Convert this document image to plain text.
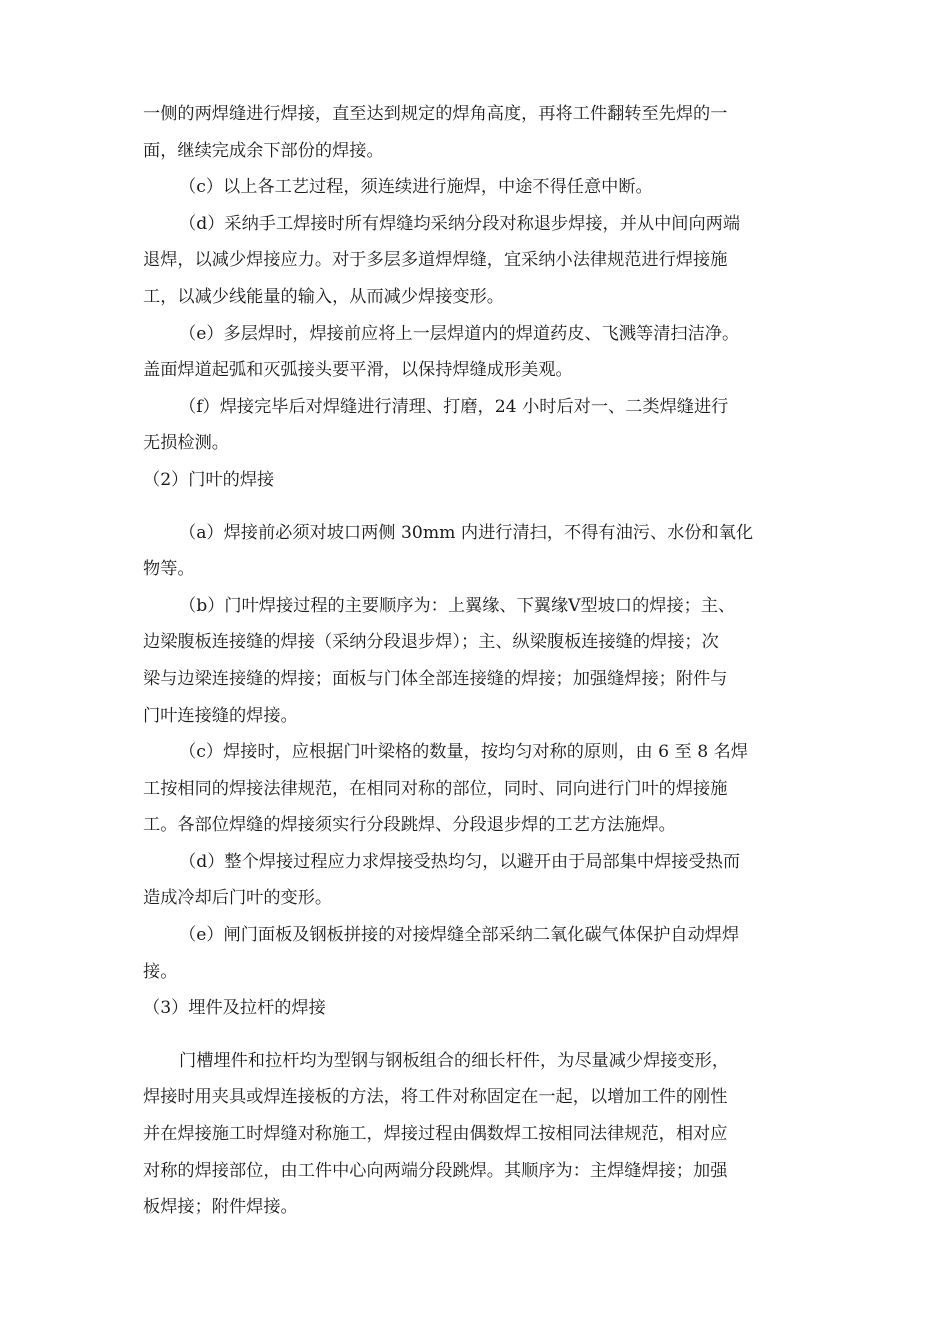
一侧的两焊缝进行焊接，直至达到规定的焊角高度，再将工件翻转至先焊的一
面，继续完成余下部份的焊接。
（c）以上各工艺过程，须连续进行施焊，中途不得任意中断。
（d）采纳手工焊接时所有焊缝均采纳分段对称退步焊接，并从中间向两端
退焊，以减少焊接应力。对于多层多道焊焊缝，宜采纳小法律规范进行焊接施
工，以减少线能量的输入，从而减少焊接变形。
（e）多层焊时，焊接前应将上一层焊道内的焊道药皮、飞溅等清扫洁净。
盖面焊道起弧和灭弧接头要平滑，以保持焊缝成形美观。
（f）焊接完毕后对焊缝进行清理、打磨，24 小时后对一、二类焊缝进行
无损检测。
（2）门叶的焊接
（a）焊接前必须对坡口两侧 30mm 内进行清扫，不得有油污、水份和氧化
物等。
（b）门叶焊接过程的主要顺序为：上翼缘、下翼缘Ⅴ型坡口的焊接；主、
边梁腹板连接缝的焊接（采纳分段退步焊）；主、纵梁腹板连接缝的焊接；次
梁与边梁连接缝的焊接；面板与门体全部连接缝的焊接；加强缝焊接；附件与
门叶连接缝的焊接。
（c）焊接时，应根据门叶梁格的数量，按均匀对称的原则，由 6 至 8 名焊
工按相同的焊接法律规范，在相同对称的部位，同时、同向进行门叶的焊接施
工。各部位焊缝的焊接须实行分段跳焊、分段退步焊的工艺方法施焊。
（d）整个焊接过程应力求焊接受热均匀，以避开由于局部集中焊接受热而
造成冷却后门叶的变形。
（e）闸门面板及钢板拼接的对接焊缝全部采纳二氧化碳气体保护自动焊焊
接。
（3）埋件及拉杆的焊接
门槽埋件和拉杆均为型钢与钢板组合的细长杆件，为尽量减少焊接变形，
焊接时用夹具或焊连接板的方法，将工件对称固定在一起，以增加工件的刚性
并在焊接施工时焊缝对称施工，焊接过程由偶数焊工按相同法律规范，相对应
对称的焊接部位，由工件中心向两端分段跳焊。其顺序为：主焊缝焊接；加强
板焊接；附件焊接。
